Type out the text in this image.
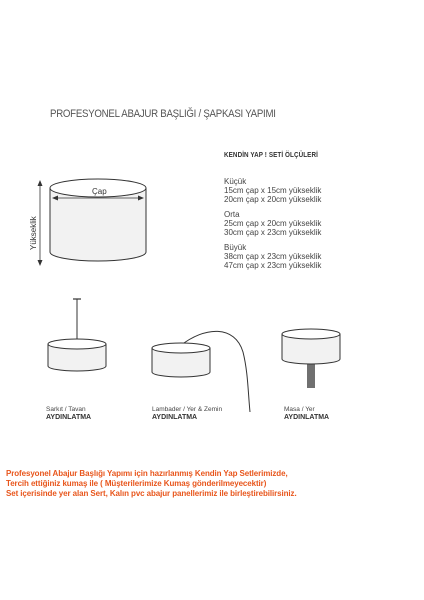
PROFESYONEL ABAJUR BAŞLIĞI / ŞAPKASI YAPIMI
Çap
Yükseklik
KENDİN YAP ! SETİ ÖLÇÜLERİ
Küçük
15cm çap x 15cm yükseklik
20cm çap x 20cm yükseklik
Orta
25cm çap x 20cm yükseklik
30cm çap x 23cm yükseklik
Büyük
38cm çap x 23cm yükseklik
47cm çap x 23cm yükseklik
Sarkıt / Tavan
AYDINLATMA
Lambader / Yer & Zemin
AYDINLATMA
Masa / Yer
AYDINLATMA
Profesyonel Abajur Başlığı Yapımı için hazırlanmış Kendin Yap Setlerimizde,
Tercih ettiğiniz kumaş ile ( Müşterilerimize Kumaş gönderilmeyecektir)
Set içerisinde yer alan Sert, Kalın pvc abajur panellerimiz ile birleştirebilirsiniz.
